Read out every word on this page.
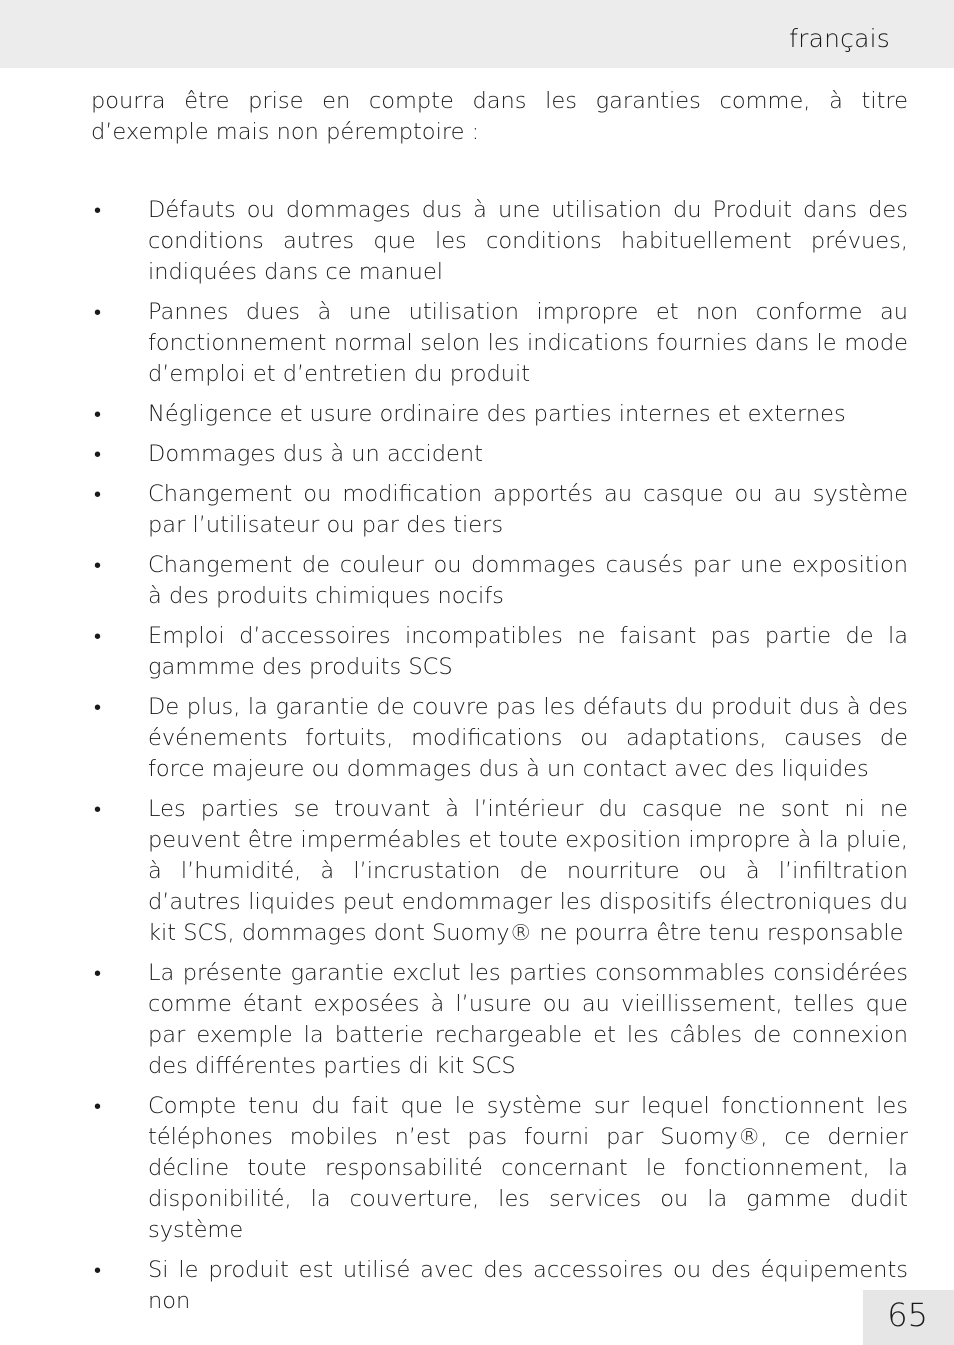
français

pourra être prise en compte dans les garanties comme, à titre d’exemple mais non péremptoire :

• Défauts ou dommages dus à une utilisation du Produit dans des conditions autres que les conditions habituellement prévues, indiquées dans ce manuel
• Pannes dues à une utilisation impropre et non conforme au fonctionnement normal selon les indications fournies dans le mode d’emploi et d’entretien du produit
• Négligence et usure ordinaire des parties internes et externes
• Dommages dus à un accident
• Changement ou modification apportés au casque ou au système par l’utilisateur ou par des tiers
• Changement de couleur ou dommages causés par une exposition à des produits chimiques nocifs
• Emploi d’accessoires incompatibles ne faisant pas partie de la gammme des produits SCS
• De plus, la garantie de couvre pas les défauts du produit dus à des événements fortuits, modifications ou adaptations, causes de force majeure ou dommages dus à un contact avec des liquides
• Les parties se trouvant à l’intérieur du casque ne sont ni ne peuvent être imperméables et toute exposition impropre à la pluie, à l’humidité, à l’incrustation de nourriture ou à l’infiltration d’autres liquides peut endommager les dispositifs électroniques du kit SCS, dommages dont Suomy® ne pourra être tenu responsable
• La présente garantie exclut les parties consommables considérées comme étant exposées à l’usure ou au vieillissement, telles que par exemple la batterie rechargeable et les câbles de connexion des différentes parties di kit SCS
• Compte tenu du fait que le système sur lequel fonctionnent les téléphones mobiles n’est pas fourni par Suomy®, ce dernier décline toute responsabilité concernant le fonctionnement, la disponibilité, la couverture, les services ou la gamme dudit système
• Si le produit est utilisé avec des accessoires ou des équipements non	65
